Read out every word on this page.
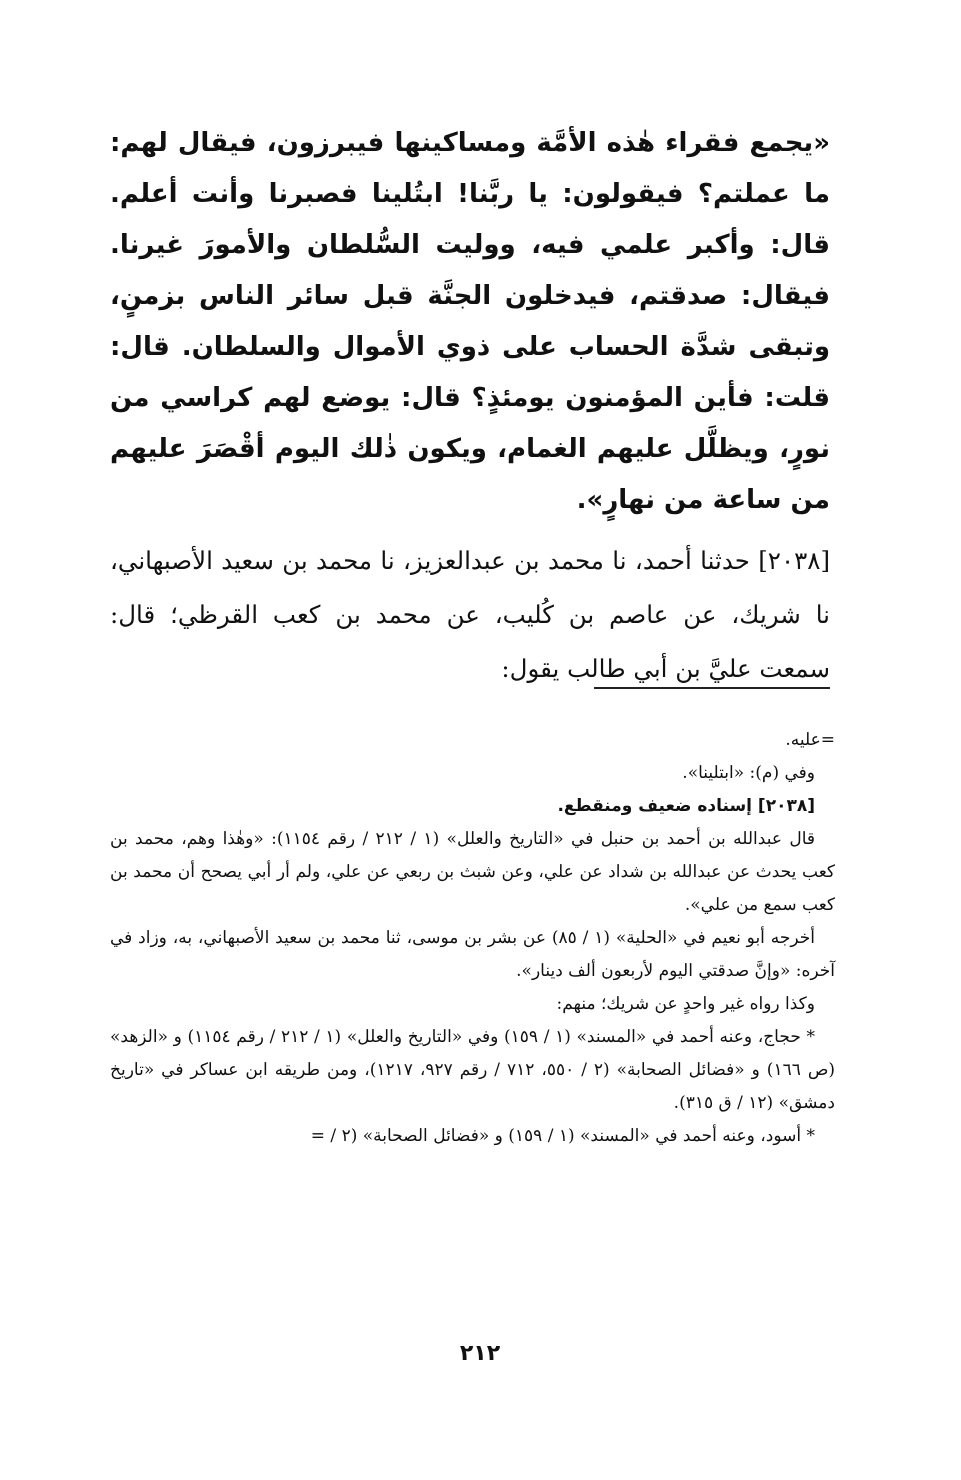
«يجمع فقراء هٰذه الأمَّة ومساكينها فيبرزون، فيقال لهم: ما عملتم؟ فيقولون: يا ربَّنا! ابتُلينا فصبرنا وأنت أعلم. قال: وأكبر علمي فيه، ووليت السُّلطان والأمورَ غيرنا. فيقال: صدقتم، فيدخلون الجنَّة قبل سائر الناس بزمنٍ، وتبقى شدَّة الحساب على ذوي الأموال والسلطان. قال: قلت: فأين المؤمنون يومئذٍ؟ قال: يوضع لهم كراسي من نورٍ، ويظلَّل عليهم الغمام، ويكون ذٰلك اليوم أقْصَرَ عليهم من ساعة من نهارٍ».

[٢٠٣٨] حدثنا أحمد، نا محمد بن عبدالعزيز، نا محمد بن سعيد الأصبهاني، نا شريك، عن عاصم بن كُليب، عن محمد بن كعب القرظي؛ قال: سمعت عليَّ بن أبي طالب يقول:

=عليه.

وفي (م): «ابتلينا».

[٢٠٣٨] إسناده ضعيف ومنقطع.

قال عبدالله بن أحمد بن حنبل في «التاريخ والعلل» (١ / ٢١٢ / رقم ١١٥٤): «وهٰذا وهم، محمد بن كعب يحدث عن عبدالله بن شداد عن علي، وعن شبث بن ربعي عن علي، ولم أر أبي يصحح أن محمد بن كعب سمع من علي».

أخرجه أبو نعيم في «الحلية» (١ / ٨٥) عن بشر بن موسى، ثنا محمد بن سعيد الأصبهاني، به، وزاد في آخره: «وإنَّ صدقتي اليوم لأربعون ألف دينار».

وكذا رواه غير واحدٍ عن شريك؛ منهم:

* حجاج، وعنه أحمد في «المسند» (١ / ١٥٩) وفي «التاريخ والعلل» (١ / ٢١٢ / رقم ١١٥٤) و «الزهد» (ص ١٦٦) و «فضائل الصحابة» (٢ / ٥٥٠، ٧١٢ / رقم ٩٢٧، ١٢١٧)، ومن طريقه ابن عساكر في «تاريخ دمشق» (١٢ / ق ٣١٥).

* أسود، وعنه أحمد في «المسند» (١ / ١٥٩) و «فضائل الصحابة» (٢ / =

٢١٢
